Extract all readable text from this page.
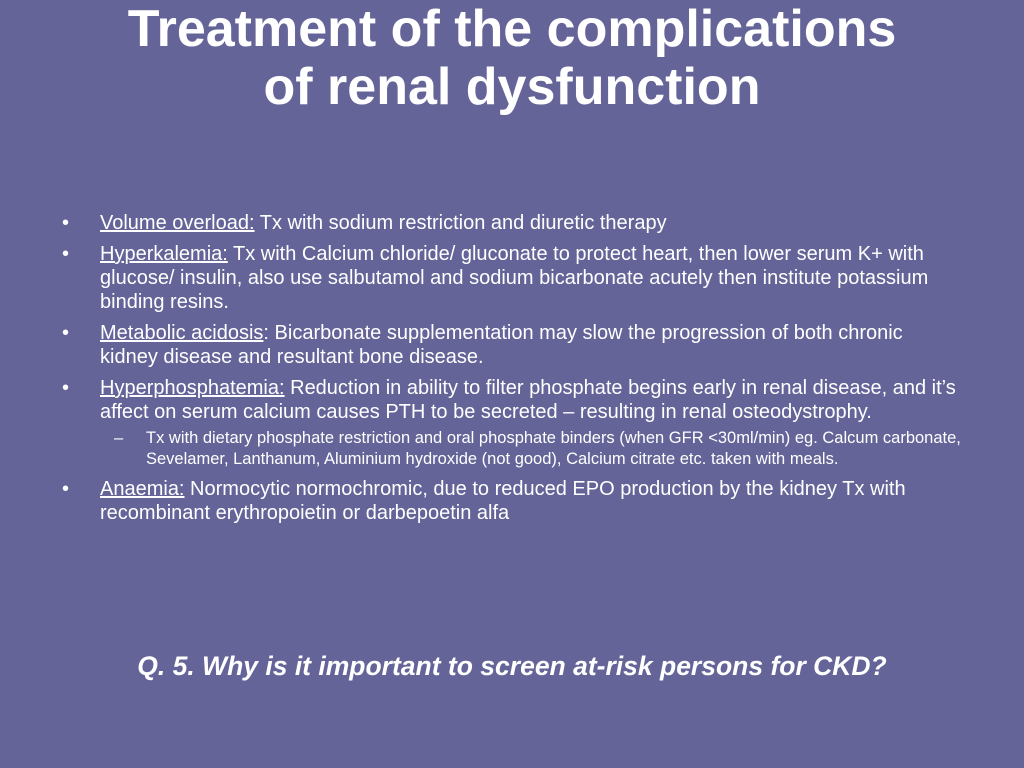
Treatment of the complications
of renal dysfunction
•	Volume overload: Tx with sodium restriction and diuretic therapy
•	Hyperkalemia: Tx with Calcium chloride/ gluconate to protect heart, then lower serum K+ with glucose/ insulin, also use salbutamol and sodium bicarbonate acutely then institute potassium binding resins.
•	Metabolic acidosis: Bicarbonate supplementation may slow the progression of both chronic kidney disease and resultant bone disease.
•	Hyperphosphatemia: Reduction in ability to filter phosphate begins early in renal disease, and it’s affect on serum calcium causes PTH to be secreted – resulting in renal osteodystrophy.
– Tx with dietary phosphate restriction and oral phosphate binders (when GFR <30ml/min) eg. Calcum carbonate, Sevelamer, Lanthanum, Aluminium hydroxide (not good), Calcium citrate etc. taken with meals.
•	Anaemia: Normocytic normochromic, due to reduced EPO production by the kidney Tx with recombinant erythropoietin or darbepoetin alfa

Q. 5. Why is it important to screen at-risk persons for CKD?
